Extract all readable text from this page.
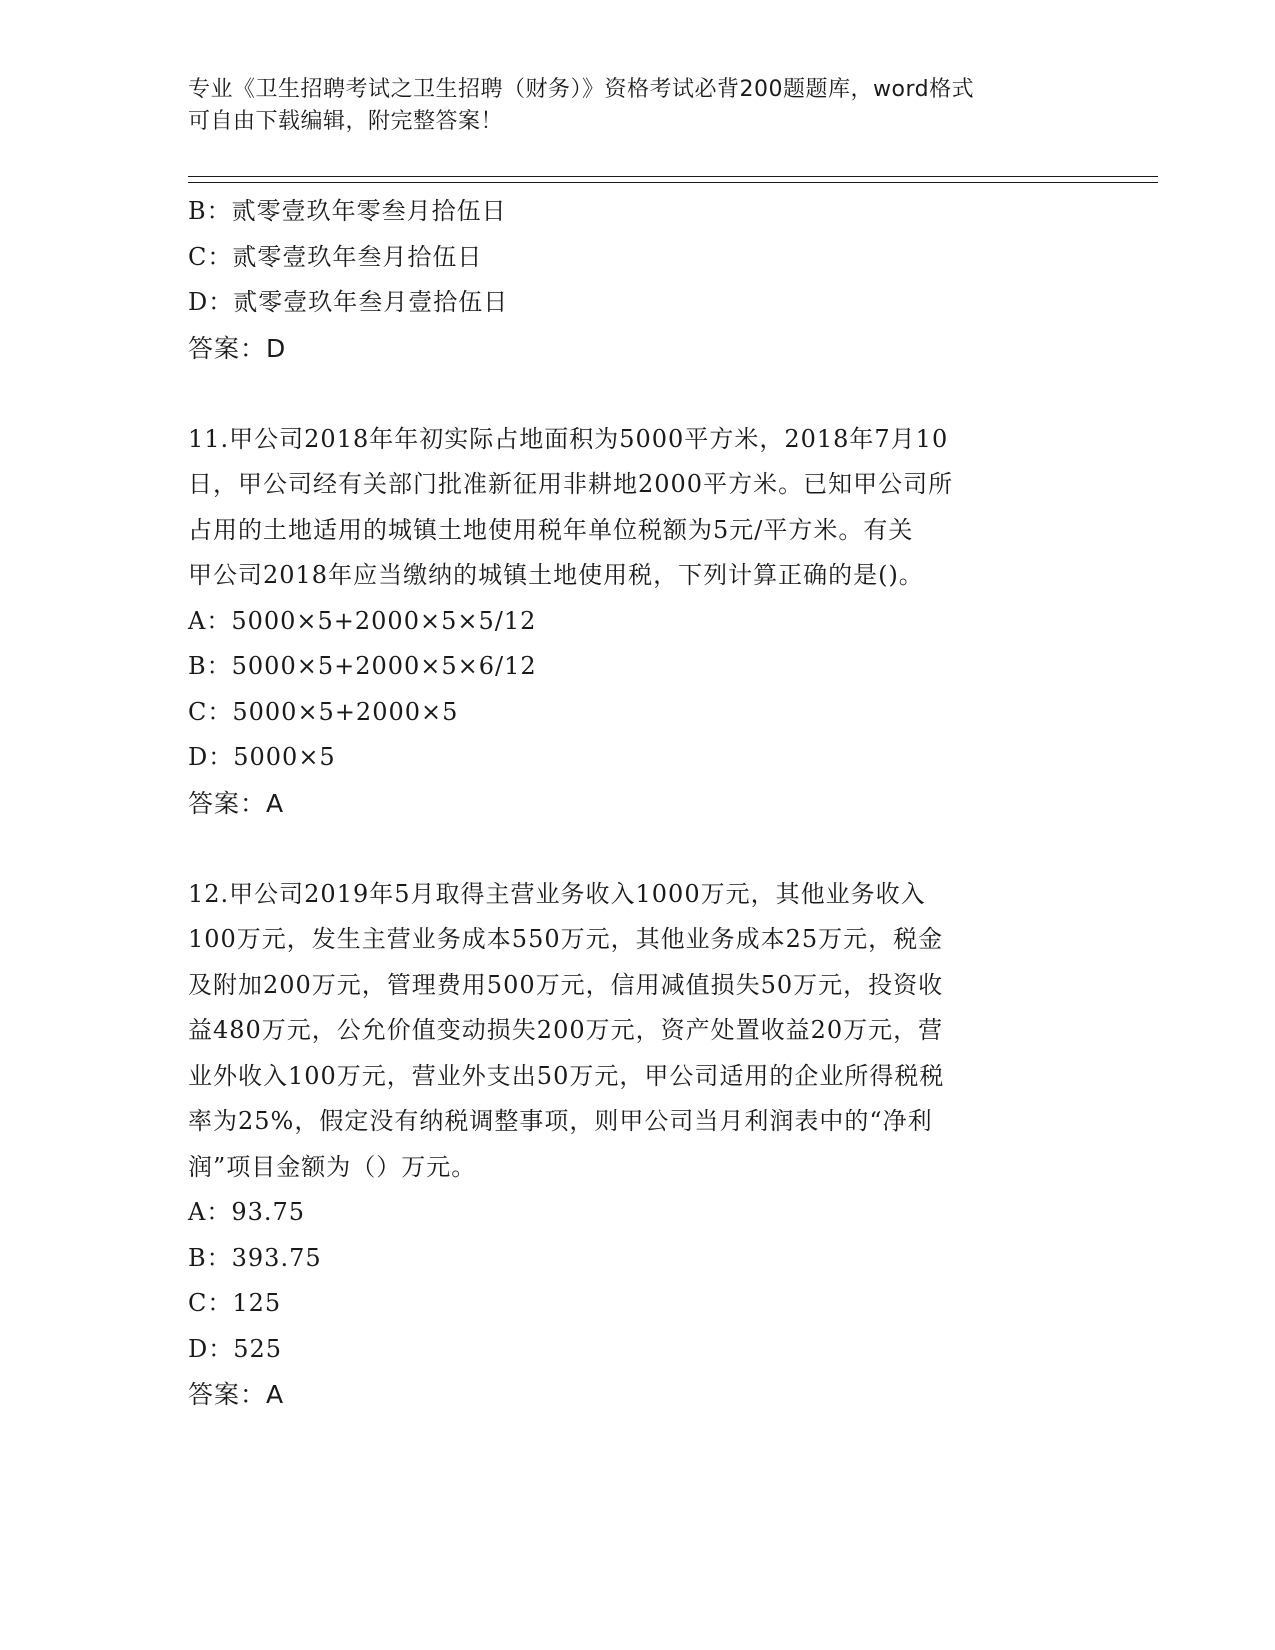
专业《卫生招聘考试之卫生招聘（财务）》资格考试必背200题题库，word格式
可自由下载编辑，附完整答案！
B：贰零壹玖年零叁月拾伍日
C：贰零壹玖年叁月拾伍日
D：贰零壹玖年叁月壹拾伍日
答案：D
11.甲公司2018年年初实际占地面积为5000平方米，2018年7月10
日，甲公司经有关部门批准新征用非耕地2000平方米。已知甲公司所
占用的土地适用的城镇土地使用税年单位税额为5元/平方米。有关
甲公司2018年应当缴纳的城镇土地使用税，下列计算正确的是()。
A：5000×5+2000×5×5/12
B：5000×5+2000×5×6/12
C：5000×5+2000×5
D：5000×5
答案：A
12.甲公司2019年5月取得主营业务收入1000万元，其他业务收入
100万元，发生主营业务成本550万元，其他业务成本25万元，税金
及附加200万元，管理费用500万元，信用减值损失50万元，投资收
益480万元，公允价值变动损失200万元，资产处置收益20万元，营
业外收入100万元，营业外支出50万元，甲公司适用的企业所得税税
率为25%，假定没有纳税调整事项，则甲公司当月利润表中的“净利
润”项目金额为（）万元。
A：93.75
B：393.75
C：125
D：525
答案：A
